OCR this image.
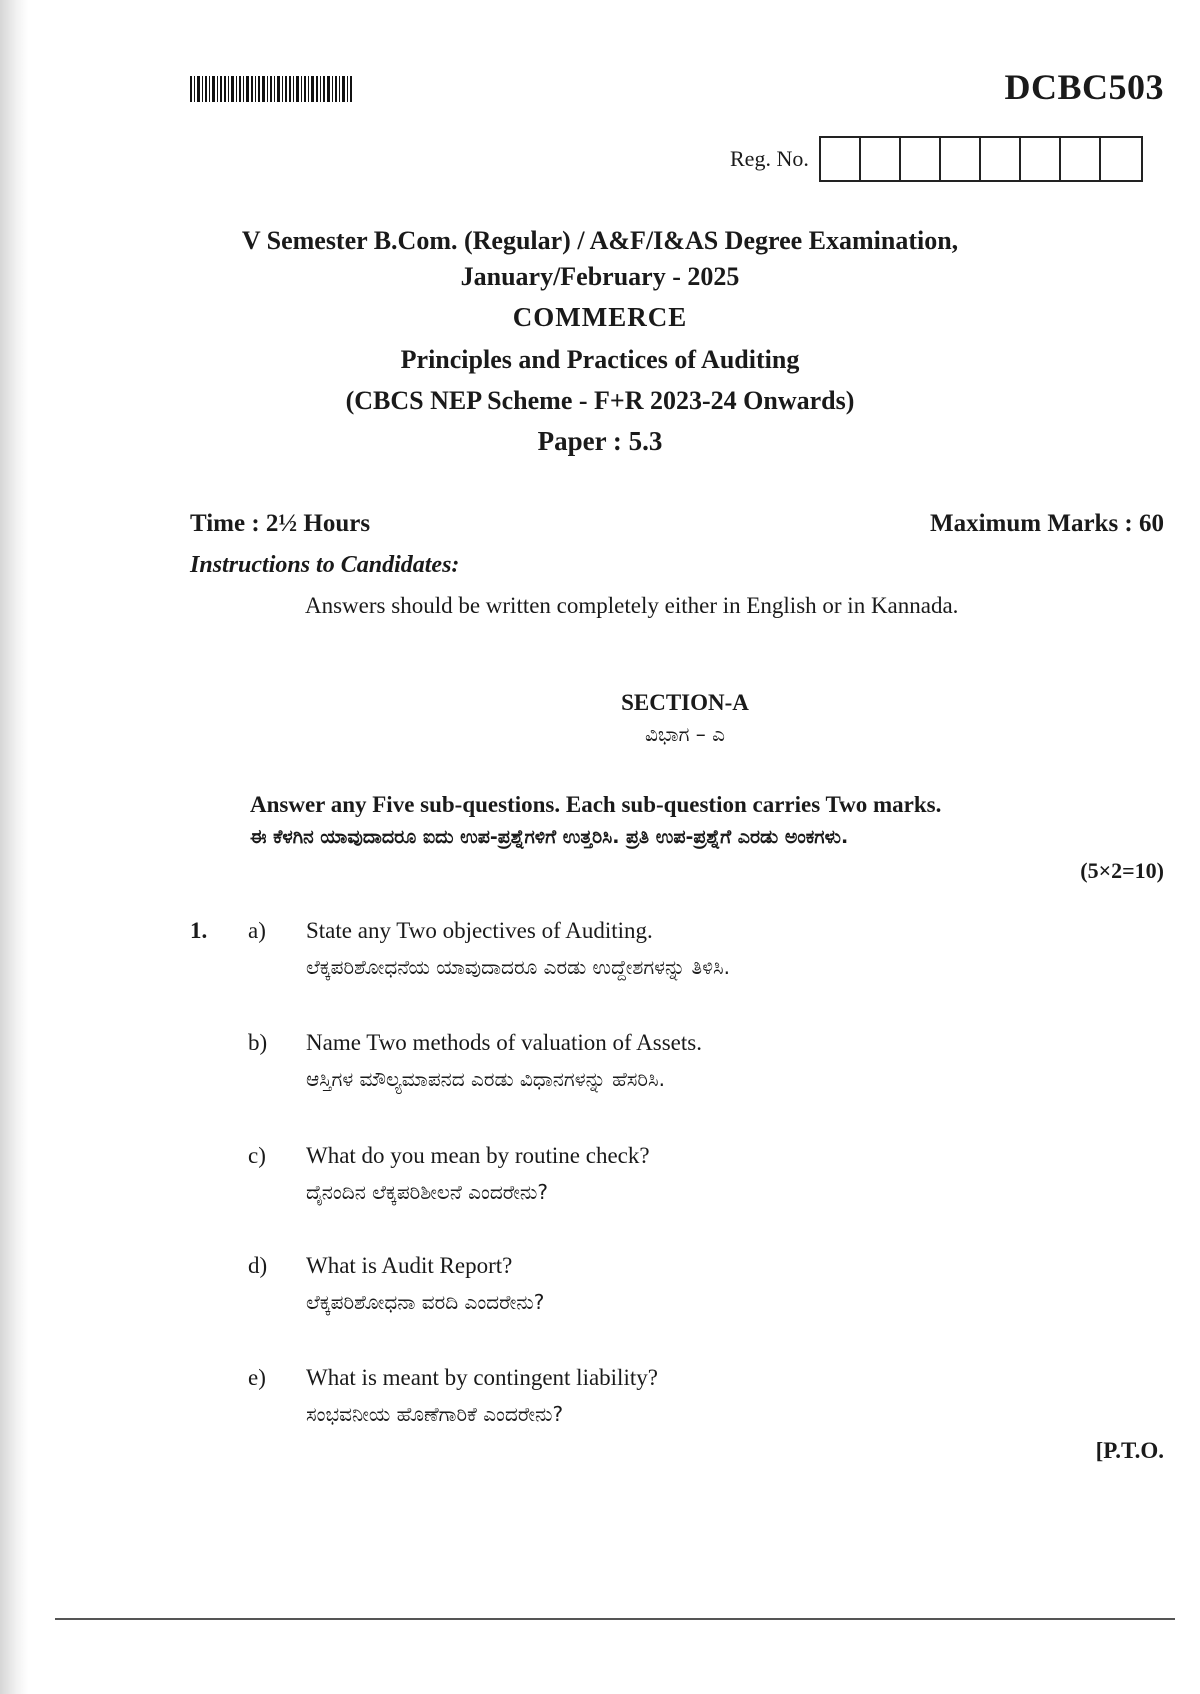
DCBC503
Reg. No.
V Semester B.Com. (Regular) / A&F/I&AS Degree Examination,
January/February - 2025
COMMERCE
Principles and Practices of Auditing
(CBCS NEP Scheme - F+R 2023-24 Onwards)
Paper : 5.3
Time : 2½ Hours	Maximum Marks : 60
Instructions to Candidates:
Answers should be written completely either in English or in Kannada.
SECTION-A
ವಿಭಾಗ – ಎ
Answer any Five sub-questions. Each sub-question carries Two marks.
ಈ ಕೆಳಗಿನ ಯಾವುದಾದರೂ ಐದು ಉಪ-ಪ್ರಶ್ನೆಗಳಿಗೆ ಉತ್ತರಿಸಿ. ಪ್ರತಿ ಉಪ-ಪ್ರಶ್ನೆಗೆ ಎರಡು ಅಂಕಗಳು.
(5×2=10)
1. a) State any Two objectives of Auditing.
ಲೆಕ್ಕಪರಿಶೋಧನೆಯ ಯಾವುದಾದರೂ ಎರಡು ಉದ್ದೇಶಗಳನ್ನು ತಿಳಿಸಿ.
b) Name Two methods of valuation of Assets.
ಆಸ್ತಿಗಳ ಮೌಲ್ಯಮಾಪನದ ಎರಡು ವಿಧಾನಗಳನ್ನು ಹೆಸರಿಸಿ.
c) What do you mean by routine check?
ದೈನಂದಿನ ಲೆಕ್ಕಪರಿಶೀಲನೆ ಎಂದರೇನು?
d) What is Audit Report?
ಲೆಕ್ಕಪರಿಶೋಧನಾ ವರದಿ ಎಂದರೇನು?
e) What is meant by contingent liability?
ಸಂಭವನೀಯ ಹೊಣೆಗಾರಿಕೆ ಎಂದರೇನು?
[P.T.O.
